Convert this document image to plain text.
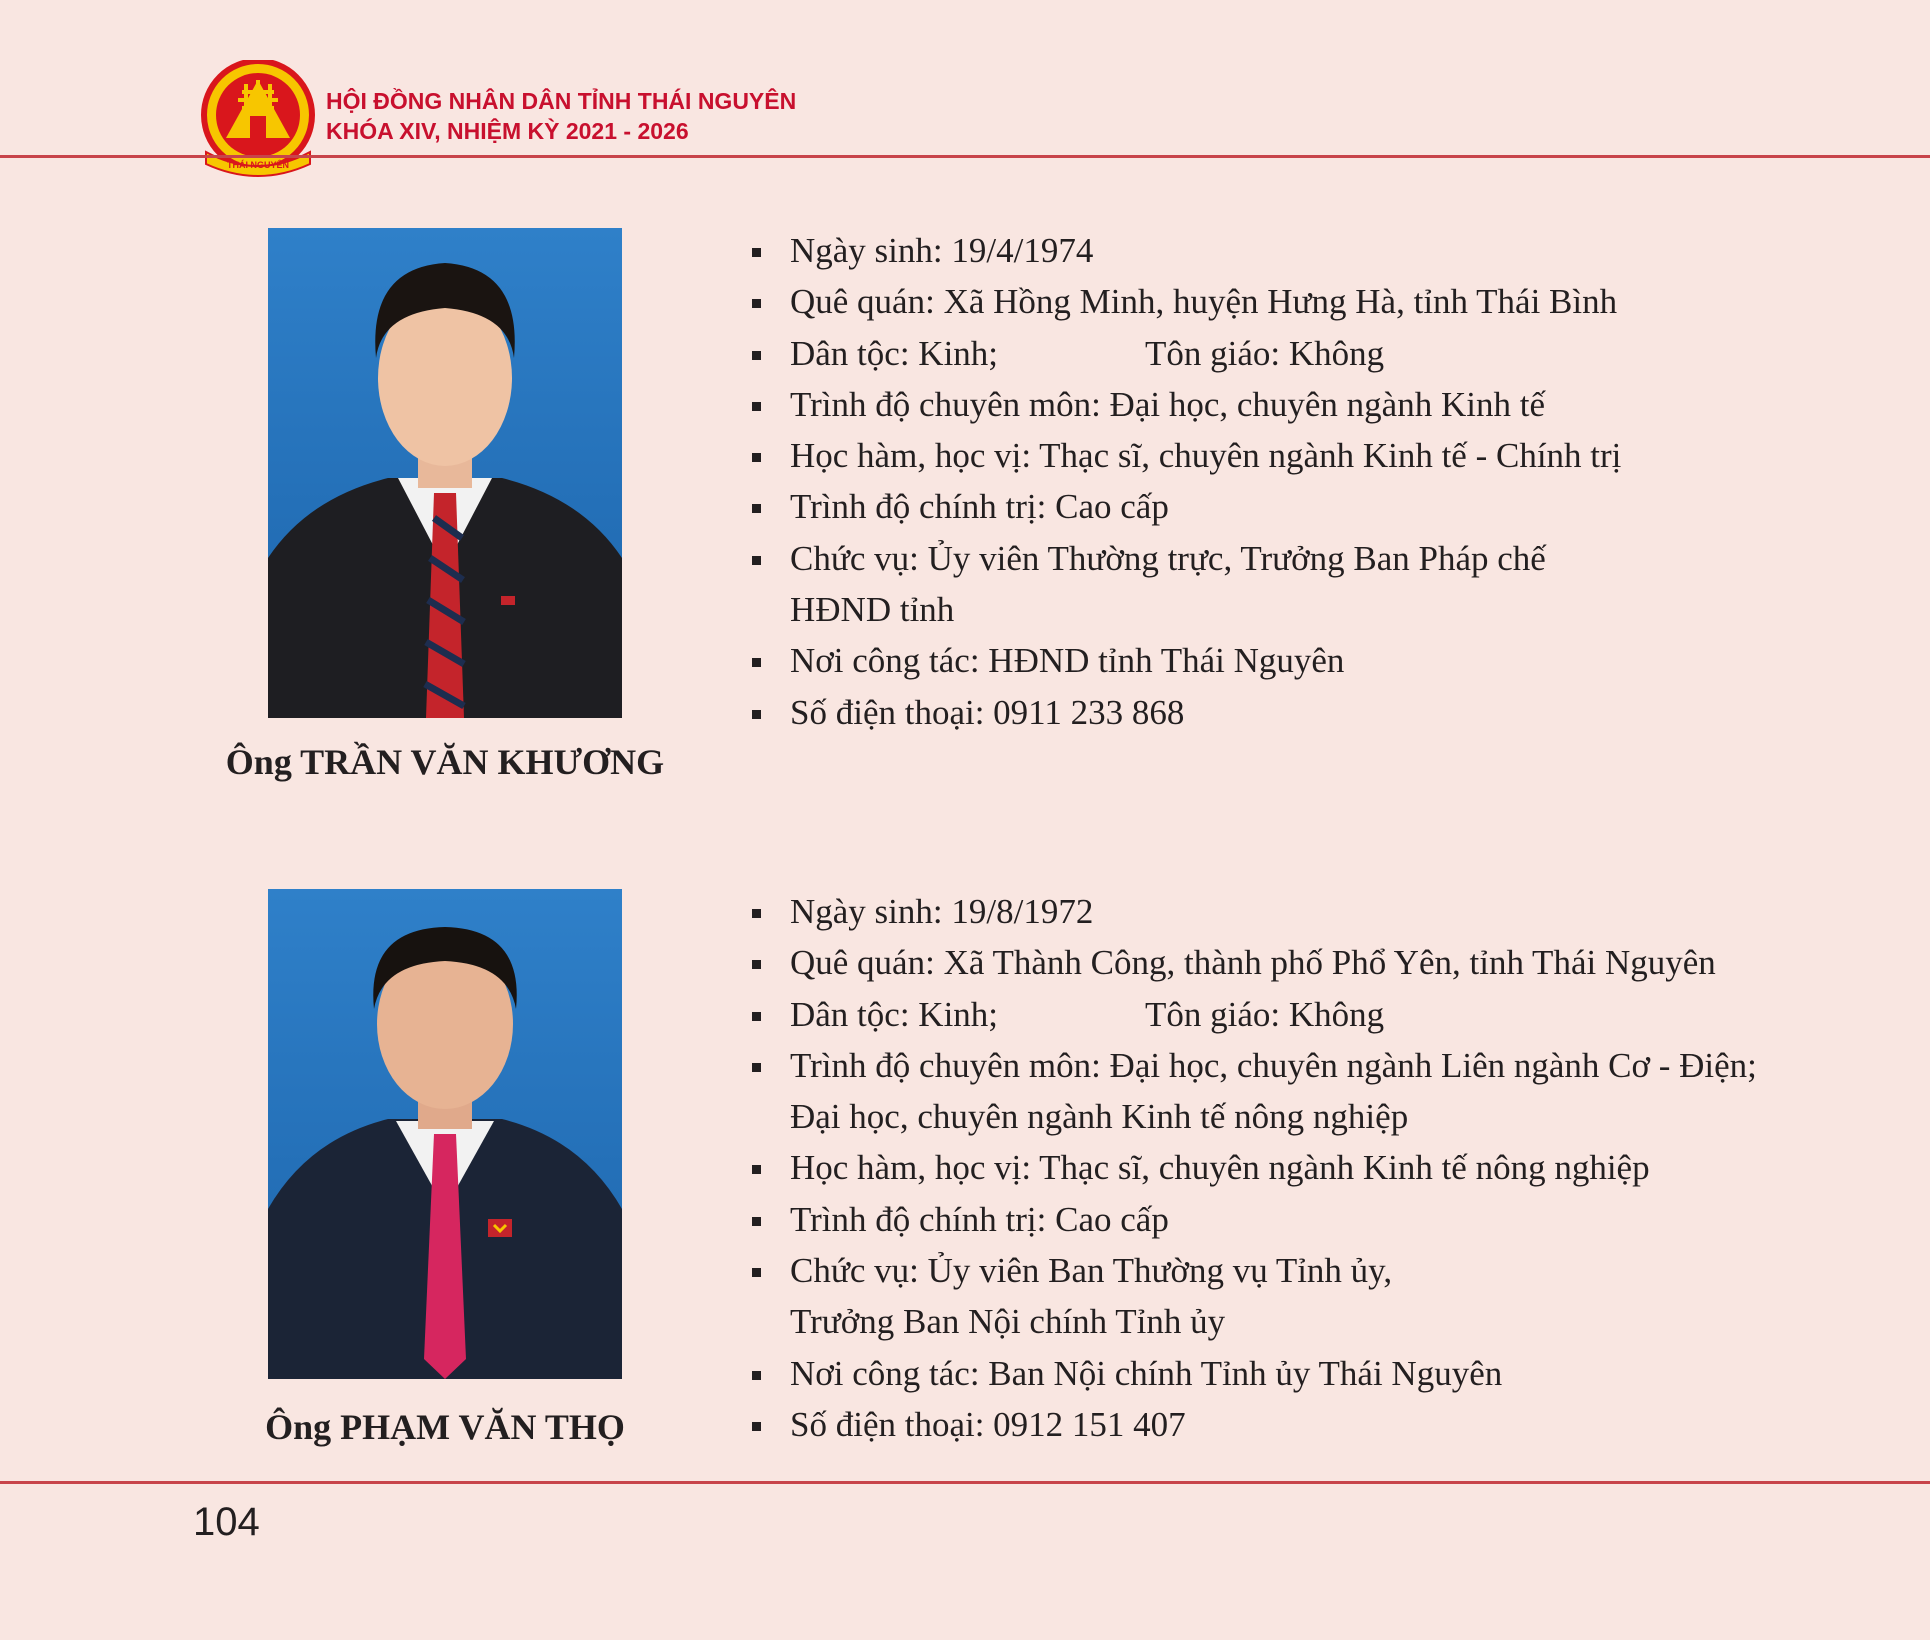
THÁI NGUYÊN
HỘI ĐỒNG NHÂN DÂN TỈNH THÁI NGUYÊN
KHÓA XIV, NHIỆM KỲ 2021 - 2026
Ông TRẦN VĂN KHƯƠNG
Ngày sinh: 19/4/1974
Quê quán: Xã Hồng Minh, huyện Hưng Hà, tỉnh Thái Bình
Dân tộc: Kinh;	Tôn giáo: Không
Trình độ chuyên môn: Đại học, chuyên ngành Kinh tế
Học hàm, học vị: Thạc sĩ, chuyên ngành Kinh tế - Chính trị
Trình độ chính trị: Cao cấp
Chức vụ: Ủy viên Thường trực, Trưởng Ban Pháp chế
HĐND tỉnh
Nơi công tác: HĐND tỉnh Thái Nguyên
Số điện thoại: 0911 233 868
Ông PHẠM VĂN THỌ
Ngày sinh: 19/8/1972
Quê quán: Xã Thành Công, thành phố Phổ Yên, tỉnh Thái Nguyên
Dân tộc: Kinh;	Tôn giáo: Không
Trình độ chuyên môn: Đại học, chuyên ngành Liên ngành Cơ - Điện;
Đại học, chuyên ngành Kinh tế nông nghiệp
Học hàm, học vị: Thạc sĩ, chuyên ngành Kinh tế nông nghiệp
Trình độ chính trị: Cao cấp
Chức vụ: Ủy viên Ban Thường vụ Tỉnh ủy,
Trưởng Ban Nội chính Tỉnh ủy
Nơi công tác: Ban Nội chính Tỉnh ủy Thái Nguyên
Số điện thoại: 0912 151 407
104
